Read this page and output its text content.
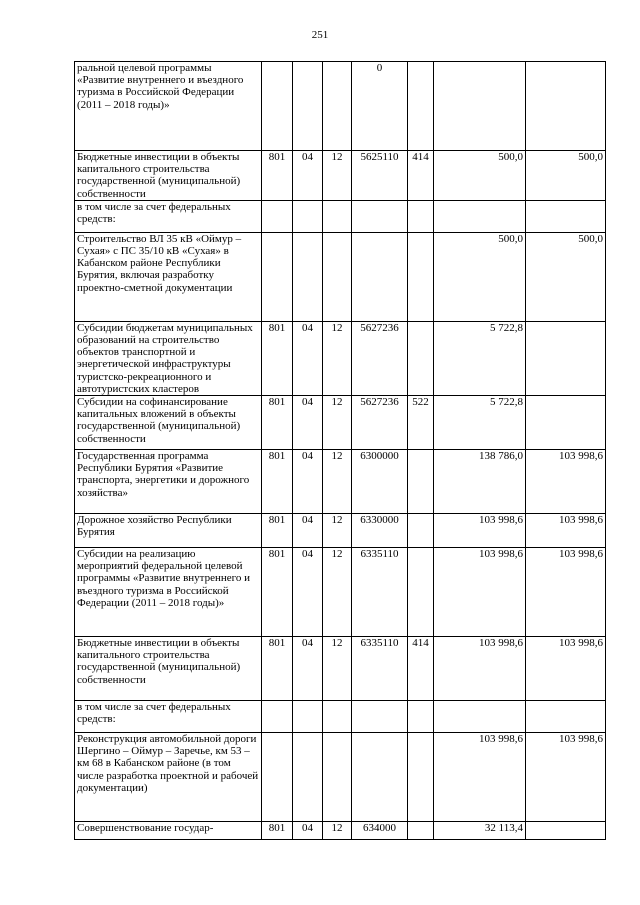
251
ральной целевой программы «Развитие внутреннего и въездного туризма в Российской Федерации (2011 – 2018 годы)»				0			
Бюджетные инвестиции в объекты капитального строительства государственной (муниципальной) собственности	801	04	12	5625110	414	500,0	500,0
в том числе за счет федеральных средств:							
Строительство ВЛ 35 кВ «Оймур – Сухая» с ПС 35/10 кВ «Сухая» в Кабанском районе Республики Бурятия, включая разработку проектно-сметной документации						500,0	500,0
Субсидии бюджетам муниципальных образований на строительство объектов транспортной и энергетической инфраструктуры туристско-рекреационного и автотуристских кластеров	801	04	12	5627236		5 722,8	
Субсидии на софинансирование капитальных вложений в объекты государственной (муниципальной) собственности	801	04	12	5627236	522	5 722,8	
Государственная программа Республики Бурятия «Развитие транспорта, энергетики и дорожного хозяйства»	801	04	12	6300000		138 786,0	103 998,6
Дорожное хозяйство Республики Бурятия	801	04	12	6330000		103 998,6	103 998,6
Субсидии на реализацию мероприятий федеральной целевой программы «Развитие внутреннего и въездного туризма в Российской Федерации (2011 – 2018 годы)»	801	04	12	6335110		103 998,6	103 998,6
Бюджетные инвестиции в объекты капитального строительства государственной (муниципальной) собственности	801	04	12	6335110	414	103 998,6	103 998,6
в том числе за счет федеральных средств:							
Реконструкция автомобильной дороги Шергино – Оймур – Заречье, км 53 – км 68 в Кабанском районе (в том числе разработка проектной и рабочей документации)						103 998,6	103 998,6
Совершенствование государ-	801	04	12	634000		32 113,4	
